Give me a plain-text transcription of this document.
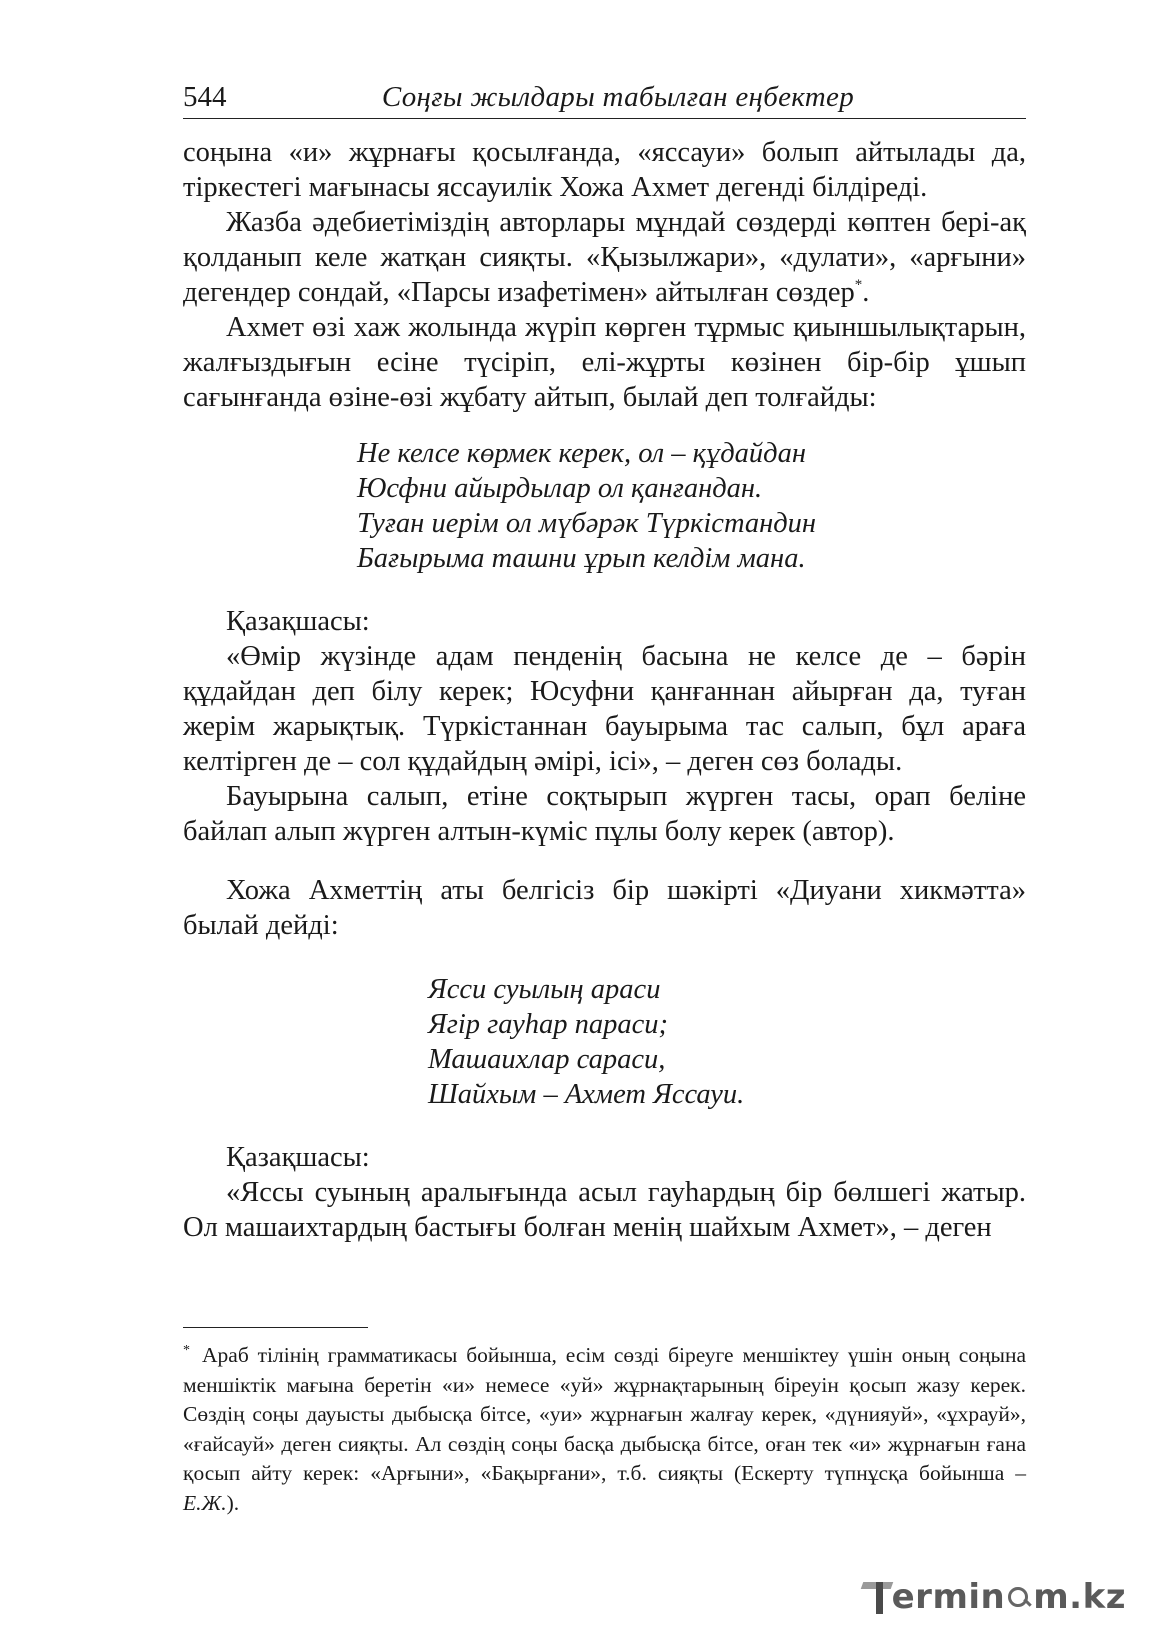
544	Соңғы жылдары табылған еңбектер

соңына «и» жұрнағы қосылғанда, «яссауи» болып айтылады да, тіркестегі мағынасы яссауилік Хожа Ахмет дегенді білдіреді.

Жазба әдебиетіміздің авторлары мұндай сөздерді көптен бері-ақ қолданып келе жатқан сияқты. «Қызылжари», «дулати», «арғыни» дегендер сондай, «Парсы изафетімен» айтылған сөздер*.

Ахмет өзі хаж жолында жүріп көрген тұрмыс қиыншылықтарын, жалғыздығын есіне түсіріп, елі-жұрты көзінен бір-бір ұшып сағынғанда өзіне-өзі жұбату айтып, былай деп толғайды:

Не келсе көрмек керек, ол – құдайдан
Юсфни айырдылар ол қанғандан.
Туған иерім ол мүбәрәк Түркістандин
Бағырыма ташни ұрып келдім мана.

Қазақшасы:

«Өмір жүзінде адам пенденің басына не келсе де – бәрін құдайдан деп білу керек; Юсуфни қанғаннан айырған да, туған жерім жарықтық. Түркістаннан бауырыма тас салып, бұл араға келтірген де – сол құдайдың әмірі, ісі», – деген сөз болады.

Бауырына салып, етіне соқтырып жүрген тасы, орап беліне байлап алып жүрген алтын-күміс пұлы болу керек (автор).

Хожа Ахметтің аты белгісіз бір шәкірті «Диуани хикмәтта» былай дейді:

Ясси суылың араси
Ягір гауһар параси;
Машаихлар сараси,
Шайхым – Ахмет Яссауи.

Қазақшасы:

«Яссы суының аралығында асыл гауһардың бір бөлшегі жатыр. Ол машаихтардың бастығы болған менің шайхым Ахмет», – деген

* Араб тілінің грамматикасы бойынша, есім сөзді біреуге меншіктеу үшін оның соңына меншіктік мағына беретін «и» немесе «уй» жұрнақтарының біреуін қосып жазу керек. Сөздің соңы дауысты дыбысқа бітсе, «уи» жұрнағын жалғау керек, «дүнияуй», «ұхрауй», «ғайсауй» деген сияқты. Ал сөздің соңы басқа дыбысқа бітсе, оған тек «и» жұрнағын ғана қосып айту керек: «Арғыни», «Бақырғани», т.б. сияқты (Ескерту түпнұсқа бойынша – Е.Ж.).
ermin m.kz
